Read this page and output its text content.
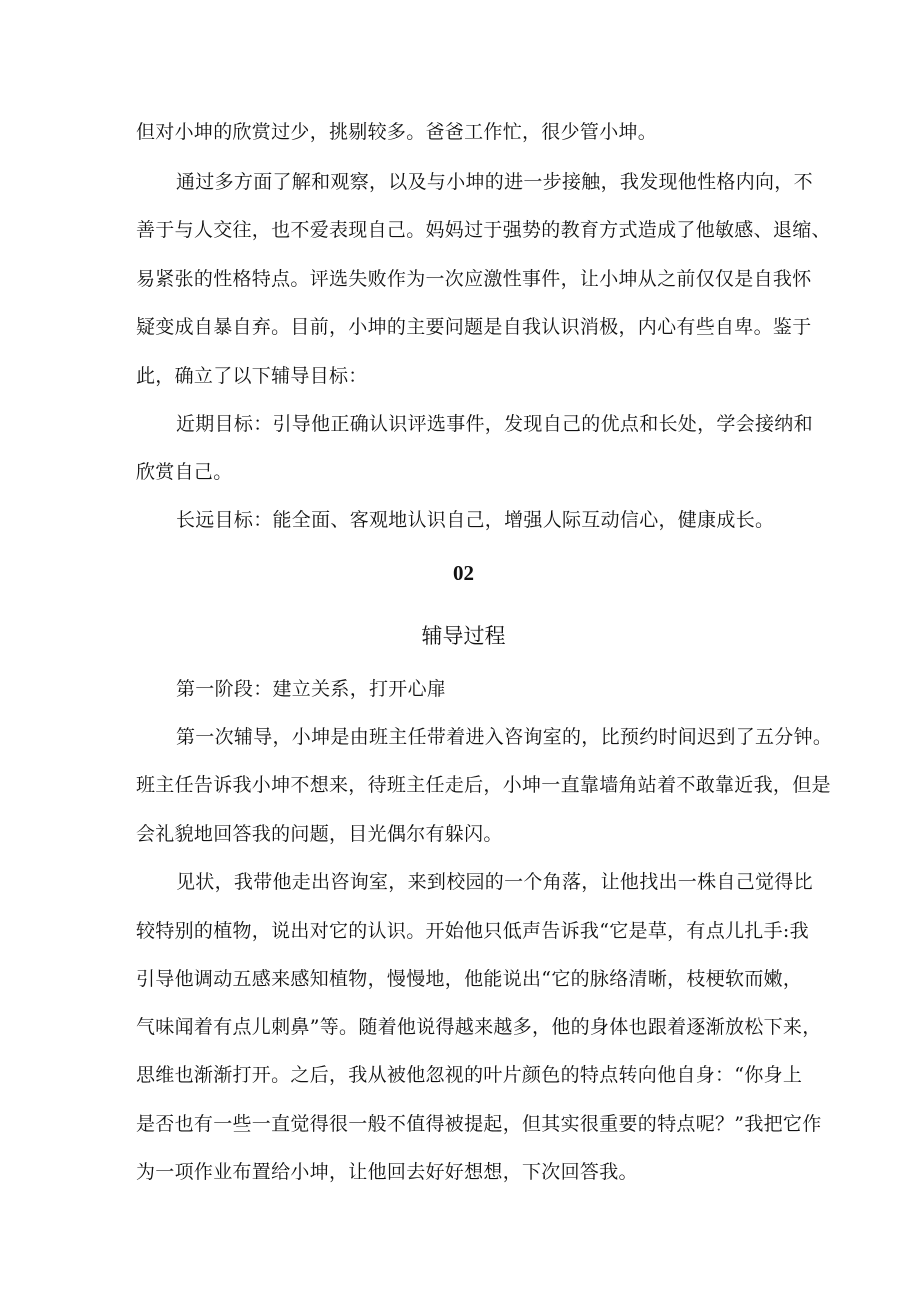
但对小坤的欣赏过少，挑剔较多。爸爸工作忙，很少管小坤。
通过多方面了解和观察，以及与小坤的进一步接触，我发现他性格内向，不
善于与人交往，也不爱表现自己。妈妈过于强势的教育方式造成了他敏感、退缩、
易紧张的性格特点。评选失败作为一次应激性事件，让小坤从之前仅仅是自我怀
疑变成自暴自弃。目前，小坤的主要问题是自我认识消极，内心有些自卑。鉴于
此，确立了以下辅导目标：
近期目标：引导他正确认识评选事件，发现自己的优点和长处，学会接纳和
欣赏自己。
长远目标：能全面、客观地认识自己，增强人际互动信心，健康成长。
02
辅导过程
第一阶段：建立关系，打开心扉
第一次辅导，小坤是由班主任带着进入咨询室的，比预约时间迟到了五分钟。
班主任告诉我小坤不想来，待班主任走后，小坤一直靠墙角站着不敢靠近我，但是
会礼貌地回答我的问题，目光偶尔有躲闪。
见状，我带他走出咨询室，来到校园的一个角落，让他找出一株自己觉得比
较特别的植物，说出对它的认识。开始他只低声告诉我“它是草，有点儿扎手:我
引导他调动五感来感知植物，慢慢地，他能说出“它的脉络清晰，枝梗软而嫩，
气味闻着有点儿刺鼻”等。随着他说得越来越多，他的身体也跟着逐渐放松下来，
思维也渐渐打开。之后，我从被他忽视的叶片颜色的特点转向他自身：“你身上
是否也有一些一直觉得很一般不值得被提起，但其实很重要的特点呢？”我把它作
为一项作业布置给小坤，让他回去好好想想，下次回答我。
